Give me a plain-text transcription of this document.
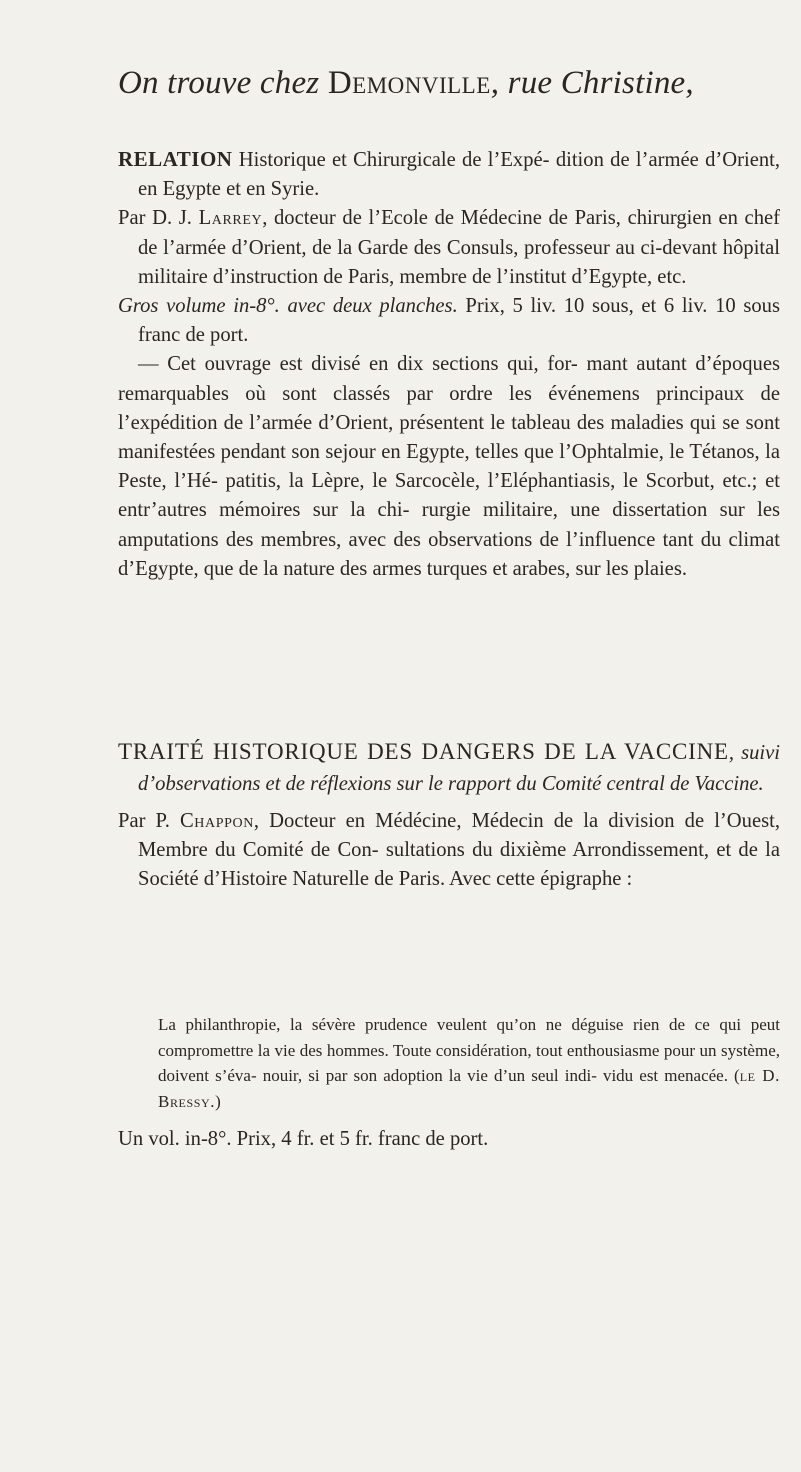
On trouve chez Demonville, rue Christine,

RELATION Historique et Chirurgicale de l’Expé- dition de l’armée d’Orient, en Egypte et en Syrie.

Par D. J. Larrey, docteur de l’Ecole de Médecine de Paris, chirurgien en chef de l’armée d’Orient, de la Garde des Consuls, professeur au ci-devant hôpital militaire d’instruction de Paris, membre de l’institut d’Egypte, etc.

Gros volume in-8°. avec deux planches. Prix, 5 liv. 10 sous, et 6 liv. 10 sous franc de port.

— Cet ouvrage est divisé en dix sections qui, for- mant autant d’époques remarquables où sont classés par ordre les événemens principaux de l’expédition de l’armée d’Orient, présentent le tableau des maladies qui se sont manifestées pendant son sejour en Egypte, telles que l’Ophtalmie, le Tétanos, la Peste, l’Hé- patitis, la Lèpre, le Sarcocèle, l’Eléphantiasis, le Scorbut, etc.; et entr’autres mémoires sur la chi- rurgie militaire, une dissertation sur les amputations des membres, avec des observations de l’influence tant du climat d’Egypte, que de la nature des armes turques et arabes, sur les plaies.

TRAITÉ HISTORIQUE DES DANGERS DE LA VACCINE, suivi d’observations et de réflexions sur le rapport du Comité central de Vaccine.

Par P. Chappon, Docteur en Médécine, Médecin de la division de l’Ouest, Membre du Comité de Con- sultations du dixième Arrondissement, et de la Société d’Histoire Naturelle de Paris. Avec cette épigraphe :

La philanthropie, la sévère prudence veulent qu’on ne déguise rien de ce qui peut compromettre la vie des hommes. Toute considération, tout enthousiasme pour un système, doivent s’éva- nouir, si par son adoption la vie d’un seul indi- vidu est menacée. (le D. Bressy.)

Un vol. in-8°. Prix, 4 fr. et 5 fr. franc de port.
